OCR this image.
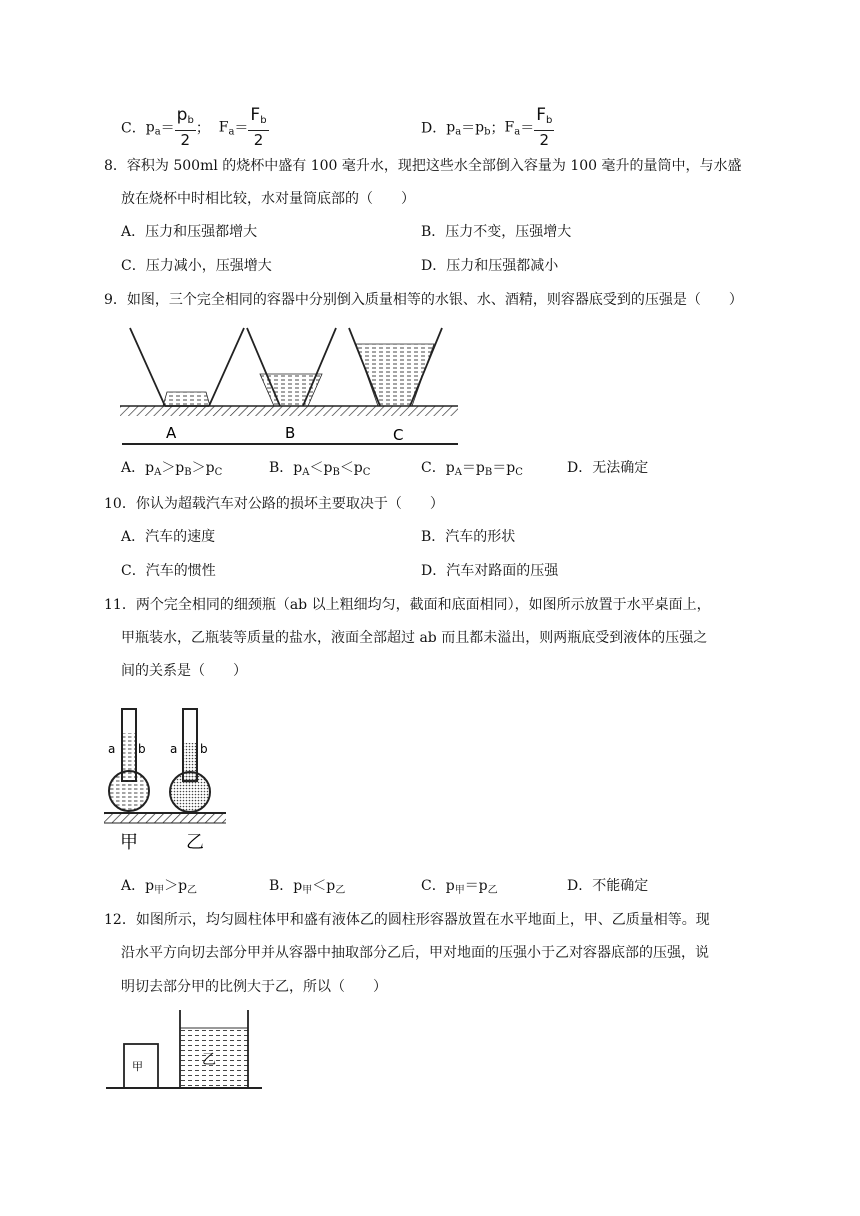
C．$p_a= \frac{p_b}{2}$ ； $F_a= \frac{F_b}{2}$	D．$p_a=p_b$；$F_a= \frac{F_b}{2}$
8．容积为 500ml 的烧杯中盛有 100 毫升水，现把这些水全部倒入容量为 100 毫升的量筒中，与水盛
放在烧杯中时相比较，水对量筒底部的（　　）
A．压力和压强都增大	B．压力不变，压强增大
C．压力减小，压强增大	D．压力和压强都减小
9．如图，三个完全相同的容器中分别倒入质量相等的水银、水、酒精，则容器底受到的压强是（　　）
A	B	C
A．$p_A>p_B>p_C$	B．$p_A<p_B<p_C$	C．$p_A=p_B=p_C$	D．无法确定
10．你认为超载汽车对公路的损坏主要取决于（　　）
A．汽车的速度	B．汽车的形状
C．汽车的惯性	D．汽车对路面的压强
11．两个完全相同的细颈瓶（ab 以上粗细均匀，截面和底面相同），如图所示放置于水平桌面上，
甲瓶装水，乙瓶装等质量的盐水，液面全部超过 ab 而且都未溢出，则两瓶底受到液体的压强之
间的关系是（　　）
a b a b
甲	乙
A．$p_甲>p_乙$	B．$p_甲<p_乙$	C．$p_甲=p_乙$	D．不能确定
12．如图所示，均匀圆柱体甲和盛有液体乙的圆柱形容器放置在水平地面上，甲、乙质量相等。现
沿水平方向切去部分甲并从容器中抽取部分乙后，甲对地面的压强小于乙对容器底部的压强，说
明切去部分甲的比例大于乙，所以（　　）
甲	乙
